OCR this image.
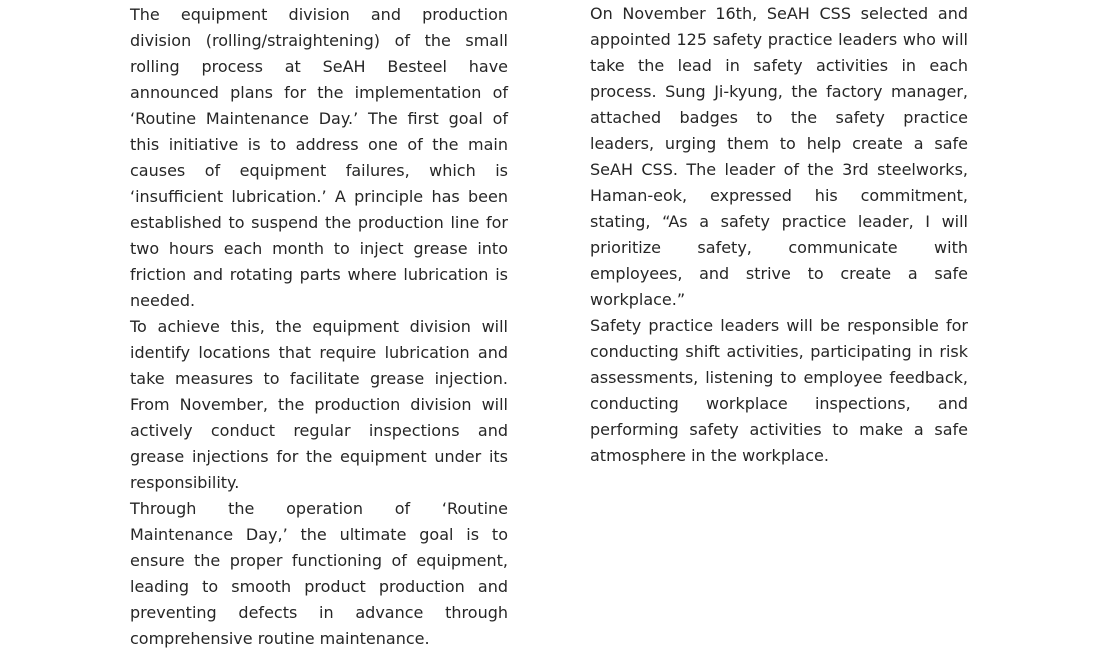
The equipment division and production division (rolling/straightening) of the small rolling process at SeAH Besteel have announced plans for the implementation of ‘Routine Maintenance Day.’ The first goal of this initiative is to address one of the main causes of equipment failures, which is ‘insufficient lubrication.’ A principle has been established to suspend the production line for two hours each month to inject grease into friction and rotating parts where lubrication is needed.

To achieve this, the equipment division will identify locations that require lubrication and take measures to facilitate grease injection. From November, the production division will actively conduct regular inspections and grease injections for the equipment under its responsibility.

Through the operation of ‘Routine Maintenance Day,’ the ultimate goal is to ensure the proper functioning of equipment, leading to smooth product production and preventing defects in advance through comprehensive routine maintenance.

On November 16th, SeAH CSS selected and appointed 125 safety practice leaders who will take the lead in safety activities in each process. Sung Ji-kyung, the factory manager, attached badges to the safety practice leaders, urging them to help create a safe SeAH CSS. The leader of the 3rd steelworks, Haman-eok, expressed his commitment, stating, “As a safety practice leader, I will prioritize safety, communicate with employees, and strive to create a safe workplace.”

Safety practice leaders will be responsible for conducting shift activities, participating in risk assessments, listening to employee feedback, conducting workplace inspections, and performing safety activities to make a safe atmosphere in the workplace.
